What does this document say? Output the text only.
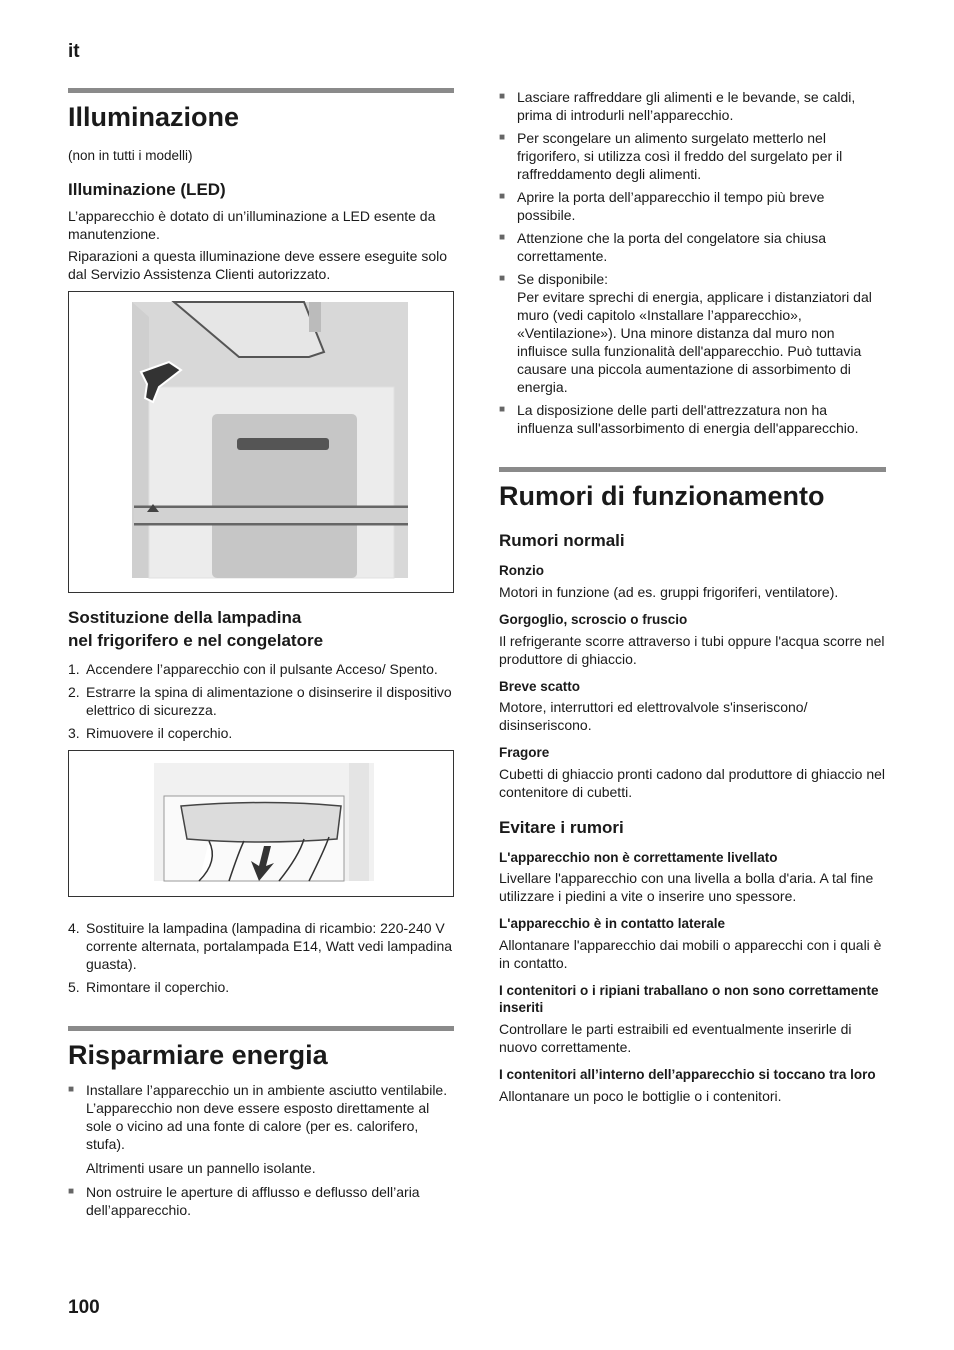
it
Illuminazione

(non in tutti i modelli)

Illuminazione (LED)

L’apparecchio è dotato di un’illuminazione a LED esente da manutenzione.

Riparazioni a questa illuminazione deve essere eseguite solo dal Servizio Assistenza Clienti autorizzato.

Sostituzione della lampadina
nel frigorifero e nel congelatore
1. Accendere l’apparecchio con il pulsante Acceso/ Spento.
2. Estrarre la spina di alimentazione o disinserire il dispositivo elettrico di sicurezza.
3. Rimuovere il coperchio.
4. Sostituire la lampadina (lampadina di ricambio: 220-240 V corrente alternata, portalampada E14, Watt vedi lampadina guasta).
5. Rimontare il coperchio.
Risparmiare energia
■ Installare l’apparecchio un in ambiente asciutto ventilabile. L’apparecchio non deve essere esposto direttamente al sole o vicino ad una fonte di calore (per es. calorifero, stufa).
Altrimenti usare un pannello isolante.
■ Non ostruire le aperture di afflusso e deflusso dell’aria dell’apparecchio.
■ Lasciare raffreddare gli alimenti e le bevande, se caldi, prima di introdurli nell’apparecchio.
■ Per scongelare un alimento surgelato metterlo nel frigorifero, si utilizza così il freddo del surgelato per il raffreddamento degli alimenti.
■ Aprire la porta dell’apparecchio il tempo più breve possibile.
■ Attenzione che la porta del congelatore sia chiusa correttamente.
■ Se disponibile:
Per evitare sprechi di energia, applicare i distanziatori dal muro (vedi capitolo «Installare l’apparecchio», «Ventilazione»). Una minore distanza dal muro non influisce sulla funzionalità dell'apparecchio. Può tuttavia causare una piccola aumentazione di assorbimento di energia.
■ La disposizione delle parti dell'attrezzatura non ha influenza sull'assorbimento di energia dell'apparecchio.
Rumori di funzionamento
Rumori normali
Ronzio

Motori in funzione (ad es. gruppi frigoriferi, ventilatore).

Gorgoglio, scroscio o fruscio

Il refrigerante scorre attraverso i tubi oppure l'acqua scorre nel produttore di ghiaccio.

Breve scatto

Motore, interruttori ed elettrovalvole s'inseriscono/ disinseriscono.

Fragore

Cubetti di ghiaccio pronti cadono dal produttore di ghiaccio nel contenitore di cubetti.

Evitare i rumori
L'apparecchio non è correttamente livellato

Livellare l'apparecchio con una livella a bolla d'aria. A tal fine utilizzare i piedini a vite o inserire uno spessore.

L'apparecchio è in contatto laterale

Allontanare l'apparecchio dai mobili o apparecchi con i quali è in contatto.

I contenitori o i ripiani traballano o non sono correttamente inseriti

Controllare le parti estraibili ed eventualmente inserirle di nuovo correttamente.

I contenitori all’interno dell’apparecchio si toccano tra loro

Allontanare un poco le bottiglie o i contenitori.

100
